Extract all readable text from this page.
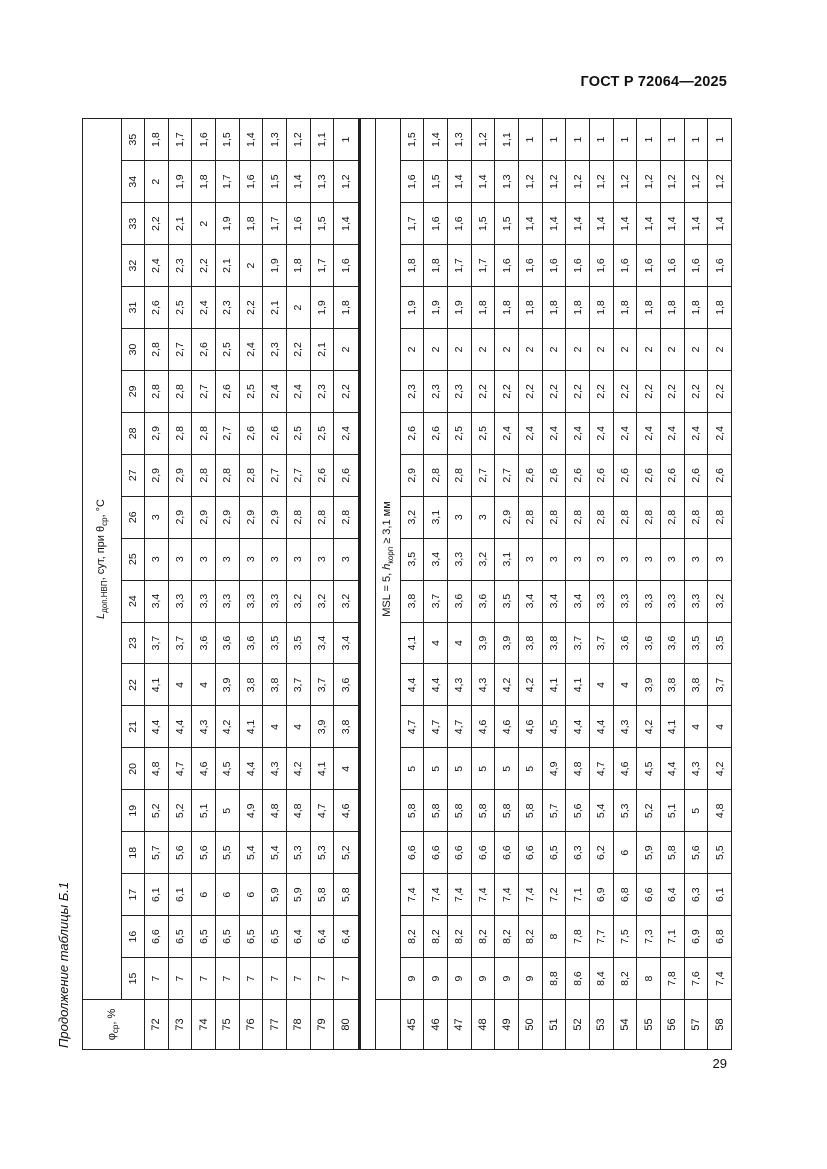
ГОСТ Р 72064—2025
Продолжение таблицы Б.1	$\varphi_{ср}$, %	$L_{доп.НВП}$, сут, при $\theta_{ср}$, °С																				
	15	16	17	18	19	20	21	22	23	24	25	26	27	28	29	30	31	32	33	34	35
72	7	6,6	6,1	5,7	5,2	4,8	4,4	4,1	3,7	3,4	3	3	2,9	2,9	2,8	2,8	2,6	2,4	2,2	2	1,8
73	7	6,5	6,1	5,6	5,2	4,7	4,4	4	3,7	3,3	3	2,9	2,9	2,8	2,8	2,7	2,5	2,3	2,1	1,9	1,7
74	7	6,5	6	5,6	5,1	4,6	4,3	4	3,6	3,3	3	2,9	2,8	2,8	2,7	2,6	2,4	2,2	2	1,8	1,6
75	7	6,5	6	5,5	5	4,5	4,2	3,9	3,6	3,3	3	2,9	2,8	2,7	2,6	2,5	2,3	2,1	1,9	1,7	1,5
76	7	6,5	6	5,4	4,9	4,4	4,1	3,8	3,6	3,3	3	2,9	2,8	2,6	2,5	2,4	2,2	2	1,8	1,6	1,4
77	7	6,5	5,9	5,4	4,8	4,3	4	3,8	3,5	3,3	3	2,9	2,7	2,6	2,4	2,3	2,1	1,9	1,7	1,5	1,3
78	7	6,4	5,9	5,3	4,8	4,2	4	3,7	3,5	3,2	3	2,8	2,7	2,5	2,4	2,2	2	1,8	1,6	1,4	1,2
79	7	6,4	5,8	5,3	4,7	4,1	3,9	3,7	3,4	3,2	3	2,8	2,6	2,5	2,3	2,1	1,9	1,7	1,5	1,3	1,1
80	7	6,4	5,8	5,2	4,6	4	3,8	3,6	3,4	3,2	3	2,8	2,6	2,4	2,2	2	1,8	1,6	1,4	1,2	1

	MSL = 5, $h_{корп} \ge 3,1$ мм																				
45	9	8,2	7,4	6,6	5,8	5	4,7	4,4	4,1	3,8	3,5	3,2	2,9	2,6	2,3	2	1,9	1,8	1,7	1,6	1,5
46	9	8,2	7,4	6,6	5,8	5	4,7	4,4	4	3,7	3,4	3,1	2,8	2,6	2,3	2	1,9	1,8	1,6	1,5	1,4
47	9	8,2	7,4	6,6	5,8	5	4,7	4,3	4	3,6	3,3	3	2,8	2,5	2,3	2	1,9	1,7	1,6	1,4	1,3
48	9	8,2	7,4	6,6	5,8	5	4,6	4,3	3,9	3,6	3,2	3	2,7	2,5	2,2	2	1,8	1,7	1,5	1,4	1,2
49	9	8,2	7,4	6,6	5,8	5	4,6	4,2	3,9	3,5	3,1	2,9	2,7	2,4	2,2	2	1,8	1,6	1,5	1,3	1,1
50	9	8,2	7,4	6,6	5,8	5	4,6	4,2	3,8	3,4	3	2,8	2,6	2,4	2,2	2	1,8	1,6	1,4	1,2	1
51	8,8	8	7,2	6,5	5,7	4,9	4,5	4,1	3,8	3,4	3	2,8	2,6	2,4	2,2	2	1,8	1,6	1,4	1,2	1
52	8,6	7,8	7,1	6,3	5,6	4,8	4,4	4,1	3,7	3,4	3	2,8	2,6	2,4	2,2	2	1,8	1,6	1,4	1,2	1
53	8,4	7,7	6,9	6,2	5,4	4,7	4,4	4	3,7	3,3	3	2,8	2,6	2,4	2,2	2	1,8	1,6	1,4	1,2	1
54	8,2	7,5	6,8	6	5,3	4,6	4,3	4	3,6	3,3	3	2,8	2,6	2,4	2,2	2	1,8	1,6	1,4	1,2	1
55	8	7,3	6,6	5,9	5,2	4,5	4,2	3,9	3,6	3,3	3	2,8	2,6	2,4	2,2	2	1,8	1,6	1,4	1,2	1
56	7,8	7,1	6,4	5,8	5,1	4,4	4,1	3,8	3,6	3,3	3	2,8	2,6	2,4	2,2	2	1,8	1,6	1,4	1,2	1
57	7,6	6,9	6,3	5,6	5	4,3	4	3,8	3,5	3,3	3	2,8	2,6	2,4	2,2	2	1,8	1,6	1,4	1,2	1
58	7,4	6,8	6,1	5,5	4,8	4,2	4	3,7	3,5	3,2	3	2,8	2,6	2,4	2,2	2	1,8	1,6	1,4	1,2	1
29
